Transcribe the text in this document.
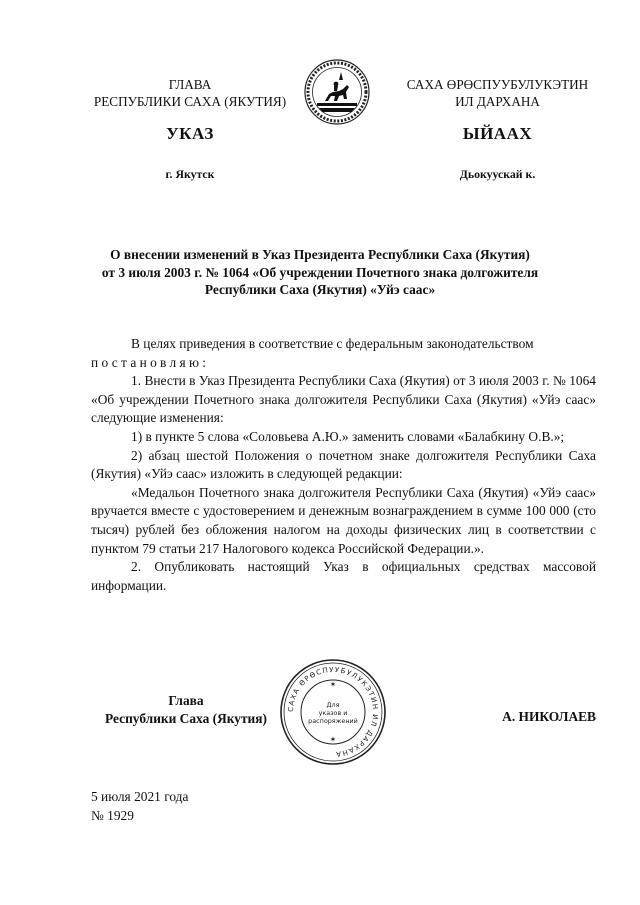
ГЛАВА
РЕСПУБЛИКИ САХА (ЯКУТИЯ)
САХА ӨРӨСПУУБУЛУКЭТИН
ИЛ ДАРХАНА
УКАЗ	ЫЙААХ
г. Якутск	Дьокуускай к.
О внесении изменений в Указ Президента Республики Саха (Якутия)
от 3 июля 2003 г. № 1064 «Об учреждении Почетного знака долгожителя
Республики Саха (Якутия) «Уйэ саас»

В целях приведения в соответствие с федеральным законодательством

постановляю:

1. Внести в Указ Президента Республики Саха (Якутия) от 3 июля 2003 г. № 1064 «Об учреждении Почетного знака долгожителя Республики Саха (Якутия) «Уйэ саас» следующие изменения:

1) в пункте 5 слова «Соловьева А.Ю.» заменить словами «Балабкину О.В.»;

2) абзац шестой Положения о почетном знаке долгожителя Республики Саха (Якутия) «Уйэ саас» изложить в следующей редакции:

«Медальон Почетного знака долгожителя Республики Саха (Якутия) «Уйэ саас» вручается вместе с удостоверением и денежным вознаграждением в сумме 100 000 (сто тысяч) рублей без обложения налогом на доходы физических лиц в соответствии с пунктом 79 статьи 217 Налогового кодекса Российской Федерации.».

2. Опубликовать настоящий Указ в официальных средствах массовой информации.

Глава
Республики Саха (Якутия)
САХА ӨРӨСПУУБУЛУКЭТИН ИЛ ДАРХАНА
Для
указов и
распоряжений
✶
✶
А. НИКОЛАЕВ
5 июля 2021 года
№ 1929
